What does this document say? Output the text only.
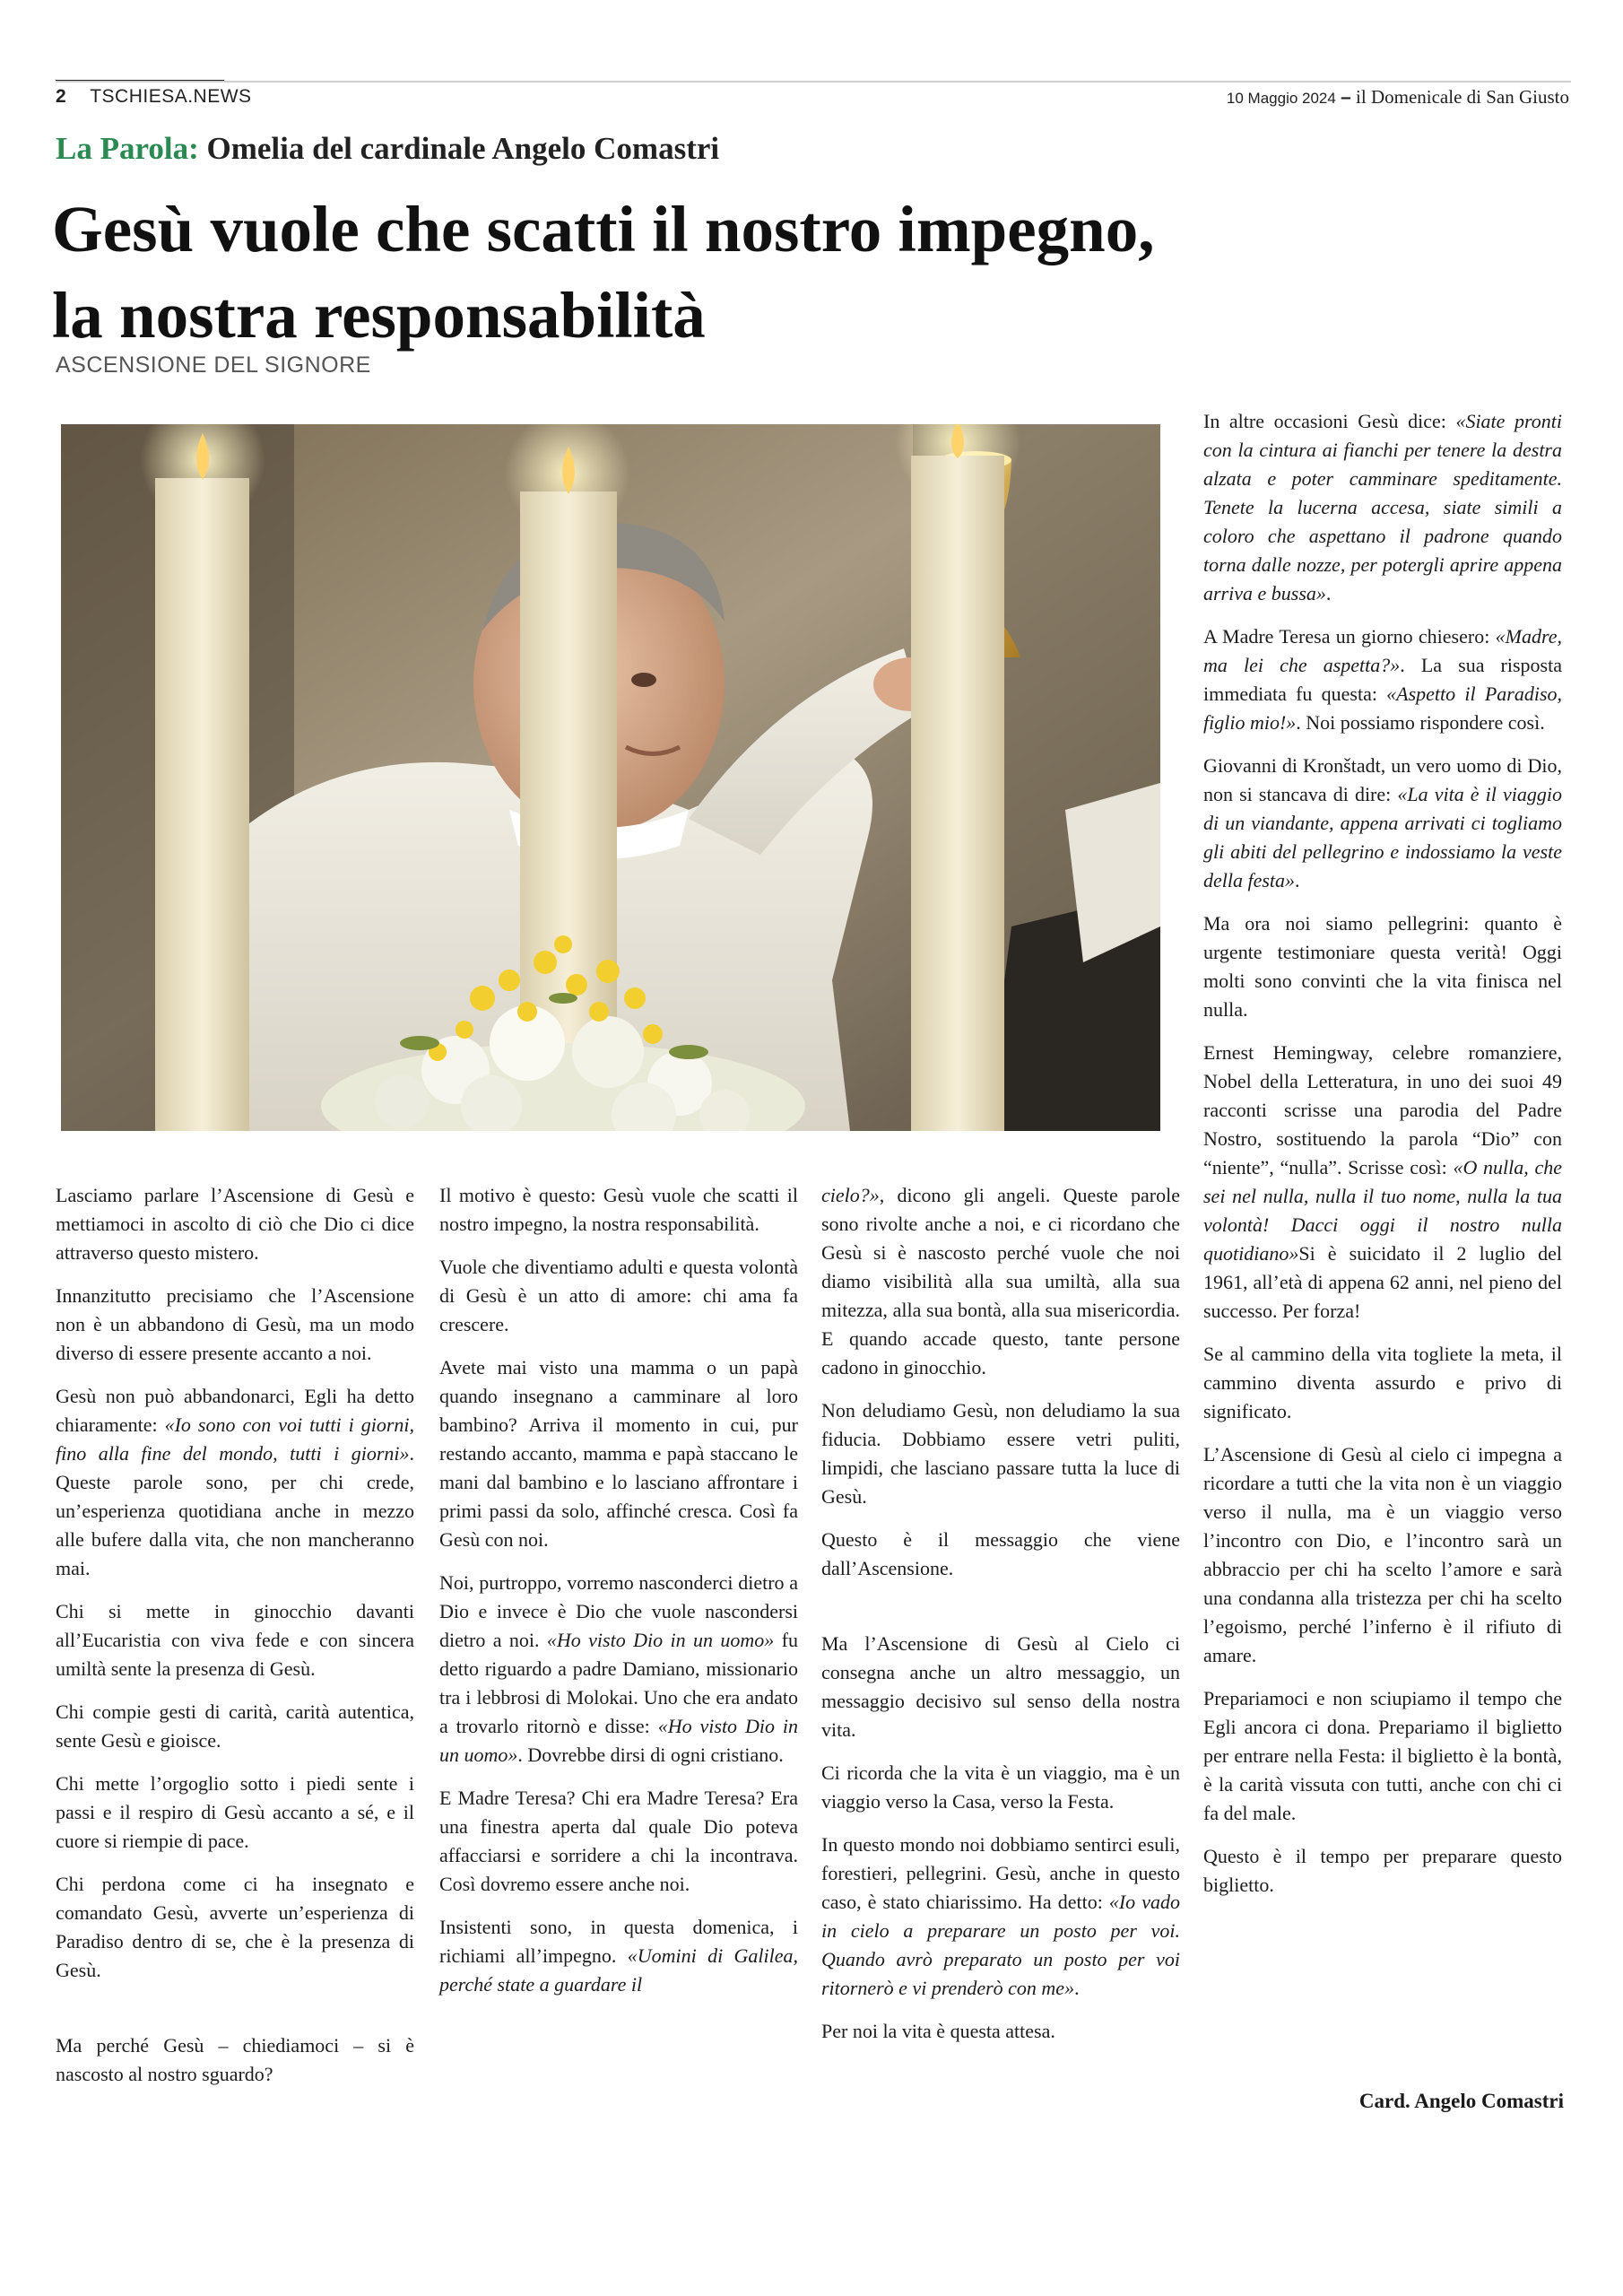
2 TSCHIESA.NEWS	10 Maggio 2024 – il Domenicale di San Giusto
La Parola: Omelia del cardinale Angelo Comastri
Gesù vuole che scatti il nostro impegno,
la nostra responsabilità
ASCENSIONE DEL SIGNORE

Lasciamo parlare l’Ascensione di Gesù e mettiamoci in ascolto di ciò che Dio ci dice attraverso questo mistero.

Innanzitutto precisiamo che l’Ascensione non è un abbandono di Gesù, ma un modo diverso di essere presente accanto a noi.

Gesù non può abbandonarci, Egli ha detto chiaramente: «Io sono con voi tutti i giorni, fino alla fine del mondo, tutti i giorni». Queste parole sono, per chi crede, un’esperienza quotidiana anche in mezzo alle bufere dalla vita, che non mancheranno mai.

Chi si mette in ginocchio davanti all’Eucaristia con viva fede e con sincera umiltà sente la presenza di Gesù.

Chi compie gesti di carità, carità autentica, sente Gesù e gioisce.

Chi mette l’orgoglio sotto i piedi sente i passi e il respiro di Gesù accanto a sé, e il cuore si riempie di pace.

Chi perdona come ci ha insegnato e comandato Gesù, avverte un’esperienza di Paradiso dentro di se, che è la presenza di Gesù.

Ma perché Gesù – chiediamoci – si è nascosto al nostro sguardo?

Il motivo è questo: Gesù vuole che scatti il nostro impegno, la nostra responsabilità.

Vuole che diventiamo adulti e questa volontà di Gesù è un atto di amore: chi ama fa crescere.

Avete mai visto una mamma o un papà quando insegnano a camminare al loro bambino? Arriva il momento in cui, pur restando accanto, mamma e papà staccano le mani dal bambino e lo lasciano affrontare i primi passi da solo, affinché cresca. Così fa Gesù con noi.

Noi, purtroppo, vorremo nasconderci dietro a Dio e invece è Dio che vuole nascondersi dietro a noi. «Ho visto Dio in un uomo» fu detto riguardo a padre Damiano, missionario tra i lebbrosi di Molokai. Uno che era andato a trovarlo ritornò e disse: «Ho visto Dio in un uomo». Dovrebbe dirsi di ogni cristiano.

E Madre Teresa? Chi era Madre Teresa? Era una finestra aperta dal quale Dio poteva affacciarsi e sorridere a chi la incontrava. Così dovremo essere anche noi.

Insistenti sono, in questa domenica, i richiami all’impegno. «Uomini di Galilea, perché state a guardare il

cielo?», dicono gli angeli. Queste parole sono rivolte anche a noi, e ci ricordano che Gesù si è nascosto perché vuole che noi diamo visibilità alla sua umiltà, alla sua mitezza, alla sua bontà, alla sua misericordia. E quando accade questo, tante persone cadono in ginocchio.

Non deludiamo Gesù, non deludiamo la sua fiducia. Dobbiamo essere vetri puliti, limpidi, che lasciano passare tutta la luce di Gesù.

Questo è il messaggio che viene dall’Ascensione.

Ma l’Ascensione di Gesù al Cielo ci consegna anche un altro messaggio, un messaggio decisivo sul senso della nostra vita.

Ci ricorda che la vita è un viaggio, ma è un viaggio verso la Casa, verso la Festa.

In questo mondo noi dobbiamo sentirci esuli, forestieri, pellegrini. Gesù, anche in questo caso, è stato chiarissimo. Ha detto: «Io vado in cielo a preparare un posto per voi. Quando avrò preparato un posto per voi ritornerò e vi prenderò con me».

Per noi la vita è questa attesa.

In altre occasioni Gesù dice: «Siate pronti con la cintura ai fianchi per tenere la destra alzata e poter camminare speditamente. Tenete la lucerna accesa, siate simili a coloro che aspettano il padrone quando torna dalle nozze, per potergli aprire appena arriva e bussa».

A Madre Teresa un giorno chiesero: «Madre, ma lei che aspetta?». La sua risposta immediata fu questa: «Aspetto il Paradiso, figlio mio!». Noi possiamo rispondere così.

Giovanni di Kronštadt, un vero uomo di Dio, non si stancava di dire: «La vita è il viaggio di un viandante, appena arrivati ci togliamo gli abiti del pellegrino e indossiamo la veste della festa».

Ma ora noi siamo pellegrini: quanto è urgente testimoniare questa verità! Oggi molti sono convinti che la vita finisca nel nulla.

Ernest Hemingway, celebre romanziere, Nobel della Letteratura, in uno dei suoi 49 racconti scrisse una parodia del Padre Nostro, sostituendo la parola “Dio” con “niente”, “nulla”. Scrisse così: «O nulla, che sei nel nulla, nulla il tuo nome, nulla la tua volontà! Dacci oggi il nostro nulla quotidiano»Si è suicidato il 2 luglio del 1961, all’età di appena 62 anni, nel pieno del successo. Per forza!

Se al cammino della vita togliete la meta, il cammino diventa assurdo e privo di significato.

L’Ascensione di Gesù al cielo ci impegna a ricordare a tutti che la vita non è un viaggio verso il nulla, ma è un viaggio verso l’incontro con Dio, e l’incontro sarà un abbraccio per chi ha scelto l’amore e sarà una condanna alla tristezza per chi ha scelto l’egoismo, perché l’inferno è il rifiuto di amare.

Prepariamoci e non sciupiamo il tempo che Egli ancora ci dona. Prepariamo il biglietto per entrare nella Festa: il biglietto è la bontà, è la carità vissuta con tutti, anche con chi ci fa del male.

Questo è il tempo per preparare questo biglietto.

Card. Angelo Comastri
